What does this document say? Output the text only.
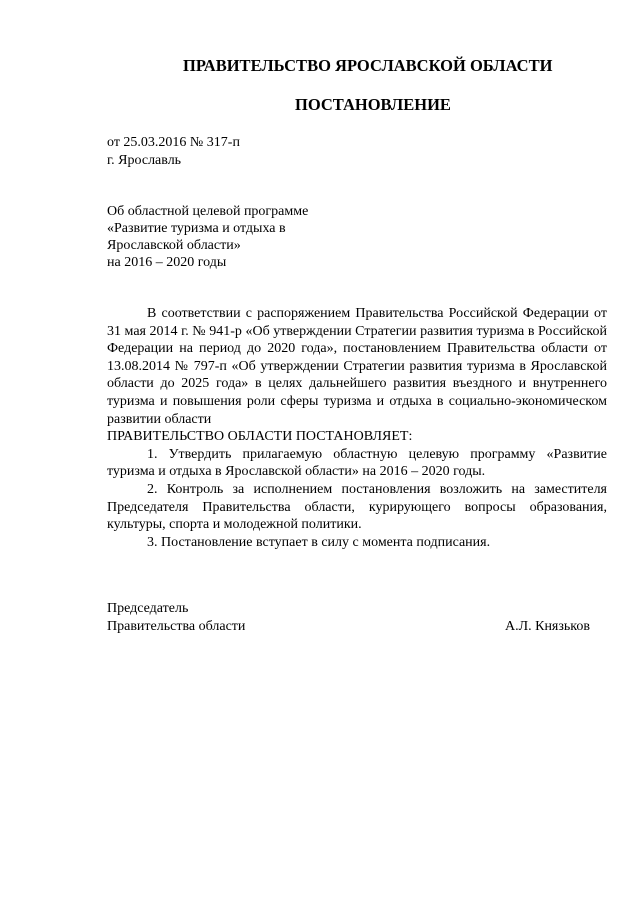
ПРАВИТЕЛЬСТВО ЯРОСЛАВСКОЙ ОБЛАСТИ
ПОСТАНОВЛЕНИЕ
от 25.03.2016 № 317-п
г. Ярославль
Об областной целевой программе
«Развитие туризма и отдыха в
Ярославской области»
на 2016 – 2020 годы

В соответствии с распоряжением Правительства Российской Федерации от 31 мая 2014 г. № 941-р «Об утверждении Стратегии развития туризма в Российской Федерации на период до 2020 года», постановлением Правительства области от 13.08.2014 № 797-п «Об утверждении Стратегии развития туризма в Ярославской области до 2025 года» в целях дальнейшего развития въездного и внутреннего туризма и повышения роли сферы туризма и отдыха в социально-экономическом развитии области

ПРАВИТЕЛЬСТВО ОБЛАСТИ ПОСТАНОВЛЯЕТ:

1. Утвердить прилагаемую областную целевую программу «Развитие туризма и отдыха в Ярославской области» на 2016 – 2020 годы.

2. Контроль за исполнением постановления возложить на заместителя Председателя Правительства области, курирующего вопросы образования, культуры, спорта и молодежной политики.

3. Постановление вступает в силу с момента подписания.

Председатель
Правительства области	А.Л. Князьков
